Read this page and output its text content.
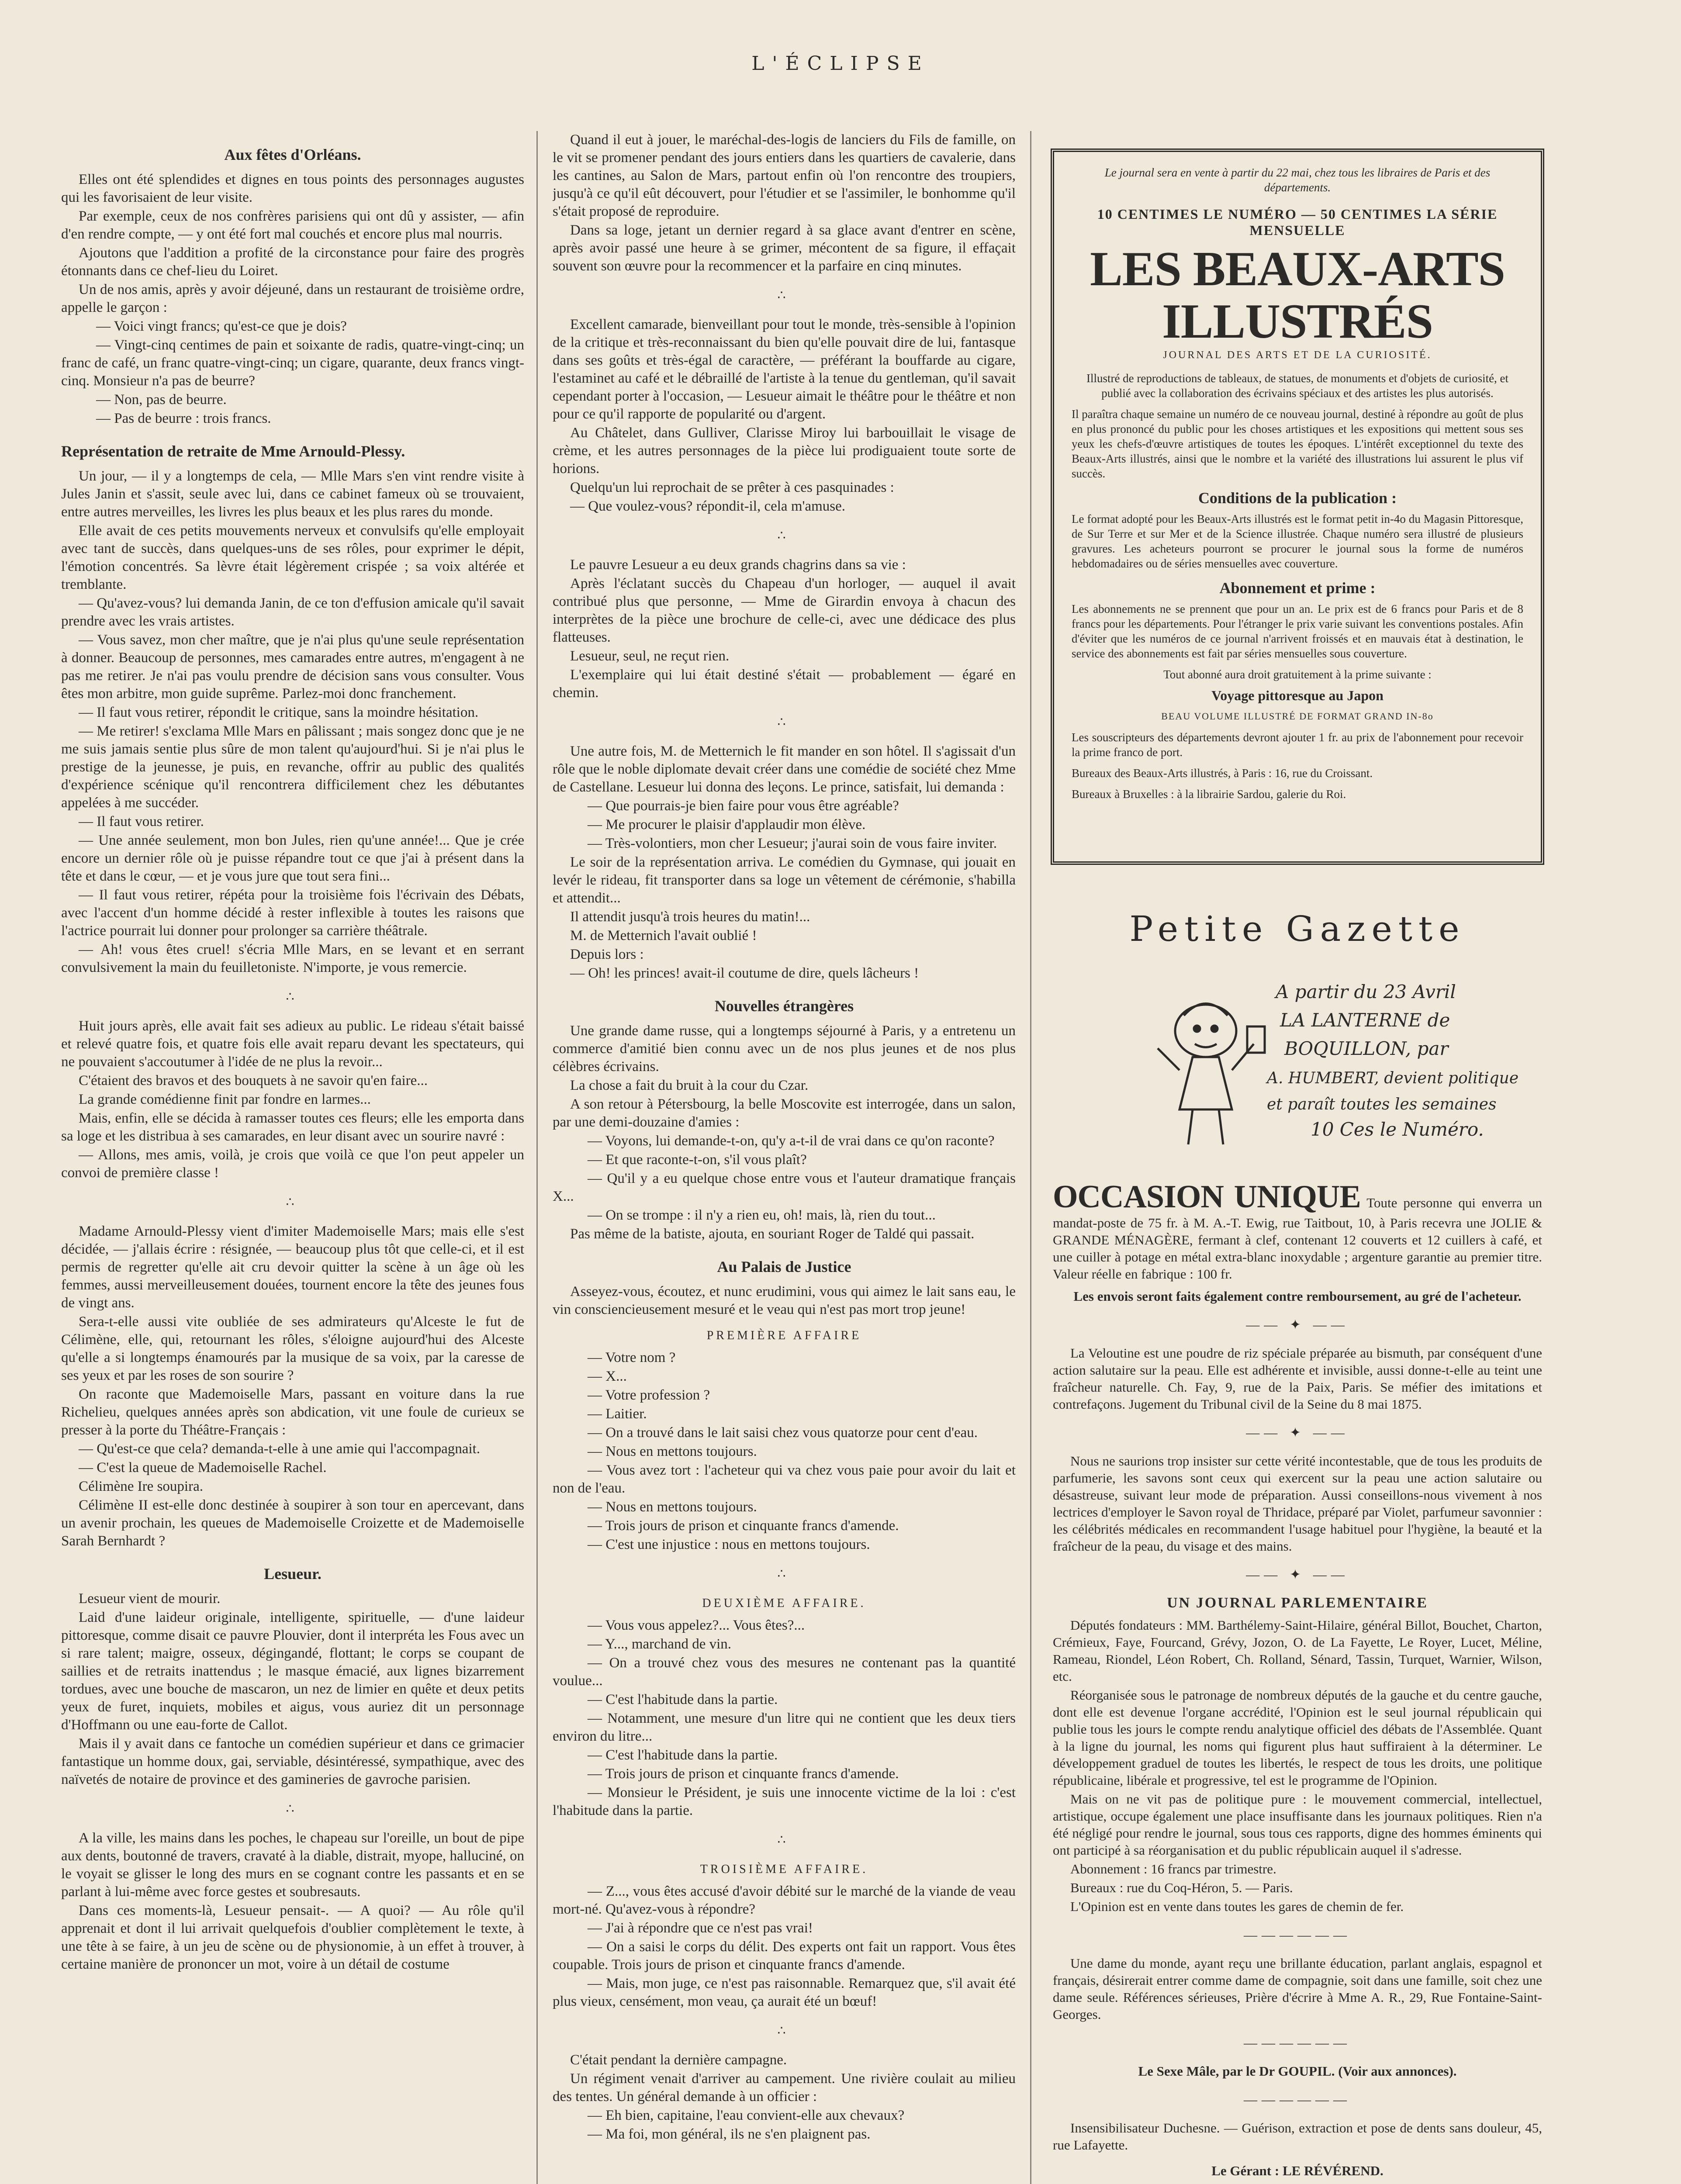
L'ÉCLIPSE
Aux fêtes d'Orléans.

Elles ont été splendides et dignes en tous points des personnages augustes qui les favorisaient de leur visite.

Par exemple, ceux de nos confrères parisiens qui ont dû y assister, — afin d'en rendre compte, — y ont été fort mal couchés et encore plus mal nourris.

Ajoutons que l'addition a profité de la circonstance pour faire des progrès étonnants dans ce chef-lieu du Loiret.

Un de nos amis, après y avoir déjeuné, dans un restaurant de troisième ordre, appelle le garçon :

— Voici vingt francs; qu'est-ce que je dois?

— Vingt-cinq centimes de pain et soixante de radis, quatre-vingt-cinq; un franc de café, un franc quatre-vingt-cinq; un cigare, quarante, deux francs vingt-cinq. Monsieur n'a pas de beurre?

— Non, pas de beurre.

— Pas de beurre : trois francs.

Représentation de retraite de Mme Arnould-Plessy.

Un jour, — il y a longtemps de cela, — Mlle Mars s'en vint rendre visite à Jules Janin et s'assit, seule avec lui, dans ce cabinet fameux où se trouvaient, entre autres merveilles, les livres les plus beaux et les plus rares du monde.

Elle avait de ces petits mouvements nerveux et convulsifs qu'elle employait avec tant de succès, dans quelques-uns de ses rôles, pour exprimer le dépit, l'émotion concentrés. Sa lèvre était légèrement crispée ; sa voix altérée et tremblante.

— Qu'avez-vous? lui demanda Janin, de ce ton d'effusion amicale qu'il savait prendre avec les vrais artistes.

— Vous savez, mon cher maître, que je n'ai plus qu'une seule représentation à donner. Beaucoup de personnes, mes camarades entre autres, m'engagent à ne pas me retirer. Je n'ai pas voulu prendre de décision sans vous consulter. Vous êtes mon arbitre, mon guide suprême. Parlez-moi donc franchement.

— Il faut vous retirer, répondit le critique, sans la moindre hésitation.

— Me retirer! s'exclama Mlle Mars en pâlissant ; mais songez donc que je ne me suis jamais sentie plus sûre de mon talent qu'aujourd'hui. Si je n'ai plus le prestige de la jeunesse, je puis, en revanche, offrir au public des qualités d'expérience scénique qu'il rencontrera difficilement chez les débutantes appelées à me succéder.

— Il faut vous retirer.

— Une année seulement, mon bon Jules, rien qu'une année!... Que je crée encore un dernier rôle où je puisse répandre tout ce que j'ai à présent dans la tête et dans le cœur, — et je vous jure que tout sera fini...

— Il faut vous retirer, répéta pour la troisième fois l'écrivain des Débats, avec l'accent d'un homme décidé à rester inflexible à toutes les raisons que l'actrice pourrait lui donner pour prolonger sa carrière théâtrale.

— Ah! vous êtes cruel! s'écria Mlle Mars, en se levant et en serrant convulsivement la main du feuilletoniste. N'importe, je vous remercie.

∴

Huit jours après, elle avait fait ses adieux au public. Le rideau s'était baissé et relevé quatre fois, et quatre fois elle avait reparu devant les spectateurs, qui ne pouvaient s'accoutumer à l'idée de ne plus la revoir...

C'étaient des bravos et des bouquets à ne savoir qu'en faire...

La grande comédienne finit par fondre en larmes...

Mais, enfin, elle se décida à ramasser toutes ces fleurs; elle les emporta dans sa loge et les distribua à ses camarades, en leur disant avec un sourire navré :

— Allons, mes amis, voilà, je crois que voilà ce que l'on peut appeler un convoi de première classe !

∴

Madame Arnould-Plessy vient d'imiter Mademoiselle Mars; mais elle s'est décidée, — j'allais écrire : résignée, — beaucoup plus tôt que celle-ci, et il est permis de regretter qu'elle ait cru devoir quitter la scène à un âge où les femmes, aussi merveilleusement douées, tournent encore la tête des jeunes fous de vingt ans.

Sera-t-elle aussi vite oubliée de ses admirateurs qu'Alceste le fut de Célimène, elle, qui, retournant les rôles, s'éloigne aujourd'hui des Alceste qu'elle a si longtemps énamourés par la musique de sa voix, par la caresse de ses yeux et par les roses de son sourire ?

On raconte que Mademoiselle Mars, passant en voiture dans la rue Richelieu, quelques années après son abdication, vit une foule de curieux se presser à la porte du Théâtre-Français :

— Qu'est-ce que cela? demanda-t-elle à une amie qui l'accompagnait.

— C'est la queue de Mademoiselle Rachel.

Célimène Ire soupira.

Célimène II est-elle donc destinée à soupirer à son tour en apercevant, dans un avenir prochain, les queues de Mademoiselle Croizette et de Mademoiselle Sarah Bernhardt ?

Lesueur.

Lesueur vient de mourir.

Laid d'une laideur originale, intelligente, spirituelle, — d'une laideur pittoresque, comme disait ce pauvre Plouvier, dont il interpréta les Fous avec un si rare talent; maigre, osseux, dégingandé, flottant; le corps se coupant de saillies et de retraits inattendus ; le masque émacié, aux lignes bizarrement tordues, avec une bouche de mascaron, un nez de limier en quête et deux petits yeux de furet, inquiets, mobiles et aigus, vous auriez dit un personnage d'Hoffmann ou une eau-forte de Callot.

Mais il y avait dans ce fantoche un comédien supérieur et dans ce grimacier fantastique un homme doux, gai, serviable, désintéressé, sympathique, avec des naïvetés de notaire de province et des gamineries de gavroche parisien.

∴

A la ville, les mains dans les poches, le chapeau sur l'oreille, un bout de pipe aux dents, boutonné de travers, cravaté à la diable, distrait, myope, halluciné, on le voyait se glisser le long des murs en se cognant contre les passants et en se parlant à lui-même avec force gestes et soubresauts.

Dans ces moments-là, Lesueur pensait-. — A quoi? — Au rôle qu'il apprenait et dont il lui arrivait quelquefois d'oublier complètement le texte, à une tête à se faire, à un jeu de scène ou de physionomie, à un effet à trouver, à certaine manière de prononcer un mot, voire à un détail de costume

Quand il eut à jouer, le maréchal-des-logis de lanciers du Fils de famille, on le vit se promener pendant des jours entiers dans les quartiers de cavalerie, dans les cantines, au Salon de Mars, partout enfin où l'on rencontre des troupiers, jusqu'à ce qu'il eût découvert, pour l'étudier et se l'assimiler, le bonhomme qu'il s'était proposé de reproduire.

Dans sa loge, jetant un dernier regard à sa glace avant d'entrer en scène, après avoir passé une heure à se grimer, mécontent de sa figure, il effaçait souvent son œuvre pour la recommencer et la parfaire en cinq minutes.

∴

Excellent camarade, bienveillant pour tout le monde, très-sensible à l'opinion de la critique et très-reconnaissant du bien qu'elle pouvait dire de lui, fantasque dans ses goûts et très-égal de caractère, — préférant la bouffarde au cigare, l'estaminet au café et le débraillé de l'artiste à la tenue du gentleman, qu'il savait cependant porter à l'occasion, — Lesueur aimait le théâtre pour le théâtre et non pour ce qu'il rapporte de popularité ou d'argent.

Au Châtelet, dans Gulliver, Clarisse Miroy lui barbouillait le visage de crème, et les autres personnages de la pièce lui prodiguaient toute sorte de horions.

Quelqu'un lui reprochait de se prêter à ces pasquinades :

— Que voulez-vous? répondit-il, cela m'amuse.

∴

Le pauvre Lesueur a eu deux grands chagrins dans sa vie :

Après l'éclatant succès du Chapeau d'un horloger, — auquel il avait contribué plus que personne, — Mme de Girardin envoya à chacun des interprètes de la pièce une brochure de celle-ci, avec une dédicace des plus flatteuses.

Lesueur, seul, ne reçut rien.

L'exemplaire qui lui était destiné s'était — probablement — égaré en chemin.

∴

Une autre fois, M. de Metternich le fit mander en son hôtel. Il s'agissait d'un rôle que le noble diplomate devait créer dans une comédie de société chez Mme de Castellane. Lesueur lui donna des leçons. Le prince, satisfait, lui demanda :

— Que pourrais-je bien faire pour vous être agréable?

— Me procurer le plaisir d'applaudir mon élève.

— Très-volontiers, mon cher Lesueur; j'aurai soin de vous faire inviter.

Le soir de la représentation arriva. Le comédien du Gymnase, qui jouait en levér le rideau, fit transporter dans sa loge un vêtement de cérémonie, s'habilla et attendit...

Il attendit jusqu'à trois heures du matin!...

M. de Metternich l'avait oublié !

Depuis lors :

— Oh! les princes! avait-il coutume de dire, quels lâcheurs !

Nouvelles étrangères

Une grande dame russe, qui a longtemps séjourné à Paris, y a entretenu un commerce d'amitié bien connu avec un de nos plus jeunes et de nos plus célèbres écrivains.

La chose a fait du bruit à la cour du Czar.

A son retour à Pétersbourg, la belle Moscovite est interrogée, dans un salon, par une demi-douzaine d'amies :

— Voyons, lui demande-t-on, qu'y a-t-il de vrai dans ce qu'on raconte?

— Et que raconte-t-on, s'il vous plaît?

— Qu'il y a eu quelque chose entre vous et l'auteur dramatique français X...

— On se trompe : il n'y a rien eu, oh! mais, là, rien du tout...

Pas même de la batiste, ajouta, en souriant Roger de Taldé qui passait.

Au Palais de Justice

Asseyez-vous, écoutez, et nunc erudimini, vous qui aimez le lait sans eau, le vin consciencieusement mesuré et le veau qui n'est pas mort trop jeune!

PREMIÈRE AFFAIRE

— Votre nom ?

— X...

— Votre profession ?

— Laitier.

— On a trouvé dans le lait saisi chez vous quatorze pour cent d'eau.

— Nous en mettons toujours.

— Vous avez tort : l'acheteur qui va chez vous paie pour avoir du lait et non de l'eau.

— Nous en mettons toujours.

— Trois jours de prison et cinquante francs d'amende.

— C'est une injustice : nous en mettons toujours.

∴
DEUXIÈME AFFAIRE.

— Vous vous appelez?... Vous êtes?...

— Y..., marchand de vin.

— On a trouvé chez vous des mesures ne contenant pas la quantité voulue...

— C'est l'habitude dans la partie.

— Notamment, une mesure d'un litre qui ne contient que les deux tiers environ du litre...

— C'est l'habitude dans la partie.

— Trois jours de prison et cinquante francs d'amende.

— Monsieur le Président, je suis une innocente victime de la loi : c'est l'habitude dans la partie.

∴
TROISIÈME AFFAIRE.

— Z..., vous êtes accusé d'avoir débité sur le marché de la viande de veau mort-né. Qu'avez-vous à répondre?

— J'ai à répondre que ce n'est pas vrai!

— On a saisi le corps du délit. Des experts ont fait un rapport. Vous êtes coupable. Trois jours de prison et cinquante francs d'amende.

— Mais, mon juge, ce n'est pas raisonnable. Remarquez que, s'il avait été plus vieux, censément, mon veau, ça aurait été un bœuf!

∴

C'était pendant la dernière campagne.

Un régiment venait d'arriver au campement. Une rivière coulait au milieu des tentes. Un général demande à un officier :

— Eh bien, capitaine, l'eau convient-elle aux chevaux?

— Ma foi, mon général, ils ne s'en plaignent pas.

Le journal sera en vente à partir du 22 mai, chez tous les libraires de Paris et des départements.
10 CENTIMES LE NUMÉRO — 50 CENTIMES LA SÉRIE MENSUELLE
LES BEAUX-ARTS ILLUSTRÉS
JOURNAL DES ARTS ET DE LA CURIOSITÉ.
Illustré de reproductions de tableaux, de statues, de monuments et d'objets de curiosité, et publié avec la collaboration des écrivains spéciaux et des artistes les plus autorisés.
Il paraîtra chaque semaine un numéro de ce nouveau journal, destiné à répondre au goût de plus en plus prononcé du public pour les choses artistiques et les expositions qui mettent sous ses yeux les chefs-d'œuvre artistiques de toutes les époques. L'intérêt exceptionnel du texte des Beaux-Arts illustrés, ainsi que le nombre et la variété des illustrations lui assurent le plus vif succès.
Conditions de la publication :
Le format adopté pour les Beaux-Arts illustrés est le format petit in-4o du Magasin Pittoresque, de Sur Terre et sur Mer et de la Science illustrée. Chaque numéro sera illustré de plusieurs gravures. Les acheteurs pourront se procurer le journal sous la forme de numéros hebdomadaires ou de séries mensuelles avec couverture.
Abonnement et prime :
Les abonnements ne se prennent que pour un an. Le prix est de 6 francs pour Paris et de 8 francs pour les départements. Pour l'étranger le prix varie suivant les conventions postales. Afin d'éviter que les numéros de ce journal n'arrivent froissés et en mauvais état à destination, le service des abonnements est fait par séries mensuelles sous couverture.
Tout abonné aura droit gratuitement à la prime suivante :
Voyage pittoresque au Japon
BEAU VOLUME ILLUSTRÉ DE FORMAT GRAND IN-8o
Les souscripteurs des départements devront ajouter 1 fr. au prix de l'abonnement pour recevoir la prime franco de port.
Bureaux des Beaux-Arts illustrés, à Paris : 16, rue du Croissant.
Bureaux à Bruxelles : à la librairie Sardou, galerie du Roi.
Petite Gazette
A partir du 23 Avril
LA LANTERNE de
BOQUILLON, par
A. HUMBERT, devient politique
et paraît toutes les semaines
10 Ces le Numéro.

OCCASION UNIQUE Toute personne qui enverra un mandat-poste de 75 fr. à M. A.-T. Ewig, rue Taitbout, 10, à Paris recevra une JOLIE & GRANDE MÉNAGÈRE, fermant à clef, contenant 12 couverts et 12 cuillers à café, et une cuiller à potage en métal extra-blanc inoxydable ; argenture garantie au premier titre. Valeur réelle en fabrique : 100 fr.

Les envois seront faits également contre remboursement, au gré de l'acheteur.

—— ✦ ——

La Veloutine est une poudre de riz spéciale préparée au bismuth, par conséquent d'une action salutaire sur la peau. Elle est adhérente et invisible, aussi donne-t-elle au teint une fraîcheur naturelle. Ch. Fay, 9, rue de la Paix, Paris. Se méfier des imitations et contrefaçons. Jugement du Tribunal civil de la Seine du 8 mai 1875.

—— ✦ ——

Nous ne saurions trop insister sur cette vérité incontestable, que de tous les produits de parfumerie, les savons sont ceux qui exercent sur la peau une action salutaire ou désastreuse, suivant leur mode de préparation. Aussi conseillons-nous vivement à nos lectrices d'employer le Savon royal de Thridace, préparé par Violet, parfumeur savonnier : les célébrités médicales en recommandent l'usage habituel pour l'hygiène, la beauté et la fraîcheur de la peau, du visage et des mains.

—— ✦ ——
UN JOURNAL PARLEMENTAIRE

Députés fondateurs : MM. Barthélemy-Saint-Hilaire, général Billot, Bouchet, Charton, Crémieux, Faye, Fourcand, Grévy, Jozon, O. de La Fayette, Le Royer, Lucet, Méline, Rameau, Riondel, Léon Robert, Ch. Rolland, Sénard, Tassin, Turquet, Warnier, Wilson, etc.

Réorganisée sous le patronage de nombreux députés de la gauche et du centre gauche, dont elle est devenue l'organe accrédité, l'Opinion est le seul journal républicain qui publie tous les jours le compte rendu analytique officiel des débats de l'Assemblée. Quant à la ligne du journal, les noms qui figurent plus haut suffiraient à la déterminer. Le développement graduel de toutes les libertés, le respect de tous les droits, une politique républicaine, libérale et progressive, tel est le programme de l'Opinion.

Mais on ne vit pas de politique pure : le mouvement commercial, intellectuel, artistique, occupe également une place insuffisante dans les journaux politiques. Rien n'a été négligé pour rendre le journal, sous tous ces rapports, digne des hommes éminents qui ont participé à sa réorganisation et du public républicain auquel il s'adresse.

Abonnement : 16 francs par trimestre.

Bureaux : rue du Coq-Héron, 5. — Paris.

L'Opinion est en vente dans toutes les gares de chemin de fer.

——————

Une dame du monde, ayant reçu une brillante éducation, parlant anglais, espagnol et français, désirerait entrer comme dame de compagnie, soit dans une famille, soit chez une dame seule. Références sérieuses, Prière d'écrire à Mme A. R., 29, Rue Fontaine-Saint-Georges.

——————

Le Sexe Mâle, par le Dr GOUPIL. (Voir aux annonces).

——————

Insensibilisateur Duchesne. — Guérison, extraction et pose de dents sans douleur, 45, rue Lafayette.

Le Gérant : LE RÉVÉREND.
